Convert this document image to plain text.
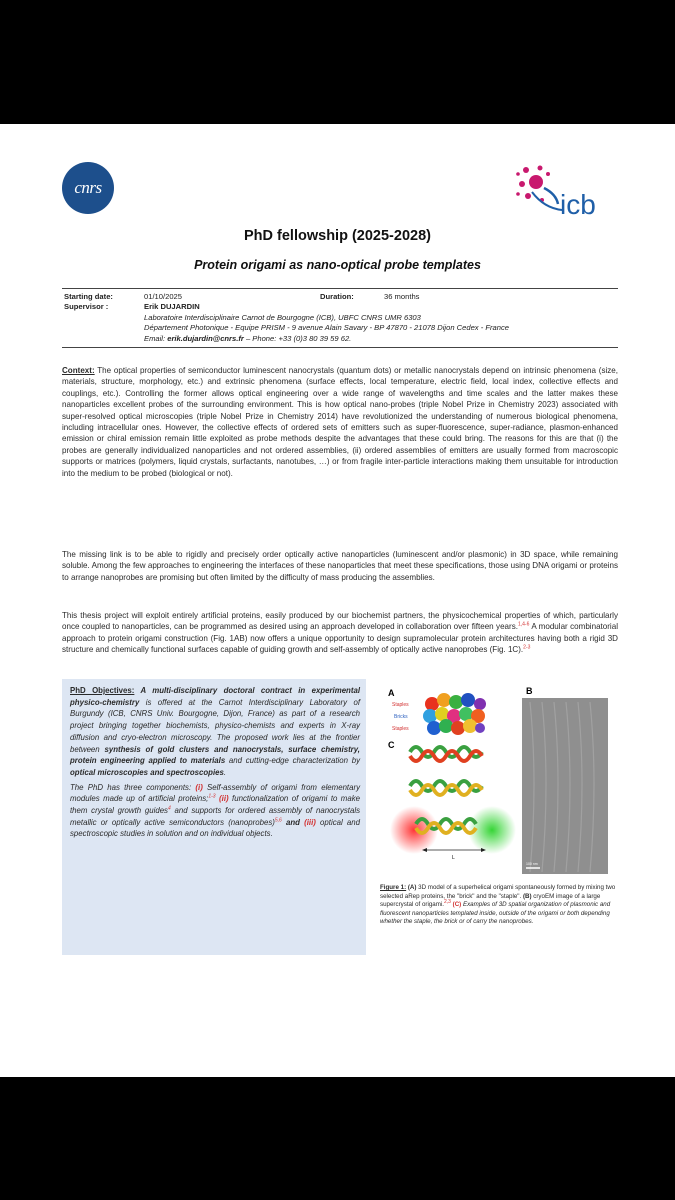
cnrs
icb
PhD fellowship (2025-2028)
Protein origami as nano-optical probe templates
Starting date:	01/10/2025	Duration:	36 months
Supervisor :	Erik DUJARDIN
Laboratoire Interdisciplinaire Carnot de Bourgogne (ICB), UBFC CNRS UMR 6303
Département Photonique - Equipe PRISM - 9 avenue Alain Savary - BP 47870 - 21078 Dijon Cedex - France
Email: erik.dujardin@cnrs.fr – Phone: +33 (0)3 80 39 59 62.
Context: The optical properties of semiconductor luminescent nanocrystals (quantum dots) or metallic nanocrystals depend on intrinsic phenomena (size, materials, structure, morphology, etc.) and extrinsic phenomena (surface effects, local temperature, electric field, local index, collective effects and couplings, etc.). Controlling the former allows optical engineering over a wide range of wavelengths and time scales and the latter makes these nanoparticles excellent probes of the surrounding environment. This is how optical nano-probes (triple Nobel Prize in Chemistry 2023) associated with super-resolved optical microscopies (triple Nobel Prize in Chemistry 2014) have revolutionized the understanding of numerous biological phenomena, including intracellular ones. However, the collective effects of ordered sets of emitters such as super-fluorescence, super-radiance, plasmon-enhanced emission or chiral emission remain little exploited as probe methods despite the advantages that these could bring. The reasons for this are that (i) the probes are generally individualized nanoparticles and not ordered assemblies, (ii) ordered assemblies of emitters are usually formed from macroscopic supports or matrices (polymers, liquid crystals, surfactants, nanotubes, …) or from fragile inter-particle interactions making them unsuitable for introduction into the medium to be probed (biological or not).
The missing link is to be able to rigidly and precisely order optically active nanoparticles (luminescent and/or plasmonic) in 3D space, while remaining soluble. Among the few approaches to engineering the interfaces of these nanoparticles that meet these specifications, those using DNA origami or proteins to arrange nanoprobes are promising but often limited by the difficulty of mass producing the assemblies.
This thesis project will exploit entirely artificial proteins, easily produced by our biochemist partners, the physicochemical properties of which, particularly once coupled to nanoparticles, can be programmed as desired using an approach developed in collaboration over fifteen years.$^{1,4-6}$ A modular combinatorial approach to protein origami construction (Fig. 1AB) now offers a unique opportunity to design supramolecular protein architectures having both a rigid 3D structure and chemically functional surfaces capable of guiding growth and self-assembly of optically active nanoprobes (Fig. 1C).$^{2-3}$
PhD Objectives: A multi-disciplinary doctoral contract in experimental physico-chemistry is offered at the Carnot Interdisciplinary Laboratory of Burgundy (ICB, CNRS Univ. Bourgogne, Dijon, France) as part of a research project bringing together biochemists, physico-chemists and experts in X-ray diffusion and cryo-electron microscopy. The proposed work lies at the frontier between synthesis of gold clusters and nanocrystals, surface chemistry, protein engineering applied to materials and cutting-edge characterization by optical microscopies and spectroscopies.
The PhD has three components: (i) Self-assembly of origami from elementary modules made up of artificial proteins;$^{1-3}$ (ii) functionalization of origami to make them crystal growth guides$^4$ and supports for ordered assembly of nanocrystals metallic or optically active semiconductors (nanoprobes)$^{5,6}$ and (iii) optical and spectroscopic studies in solution and on individual objects.
A
Staples
Bricks
Staples
C
L
B
100 nm
Figure 1: (A) 3D model of a superhelical origami spontaneously formed by mixing two selected aRep proteins, the "brick" and the "staple". (B) cryoEM image of a large supercrystal of origami.$^{2,3}$ (C) Examples of 3D spatial organization of plasmonic and fluorescent nanoparticles templated inside, outside of the origami or both depending whether the staple, the brick or of carry the nanoprobes.
